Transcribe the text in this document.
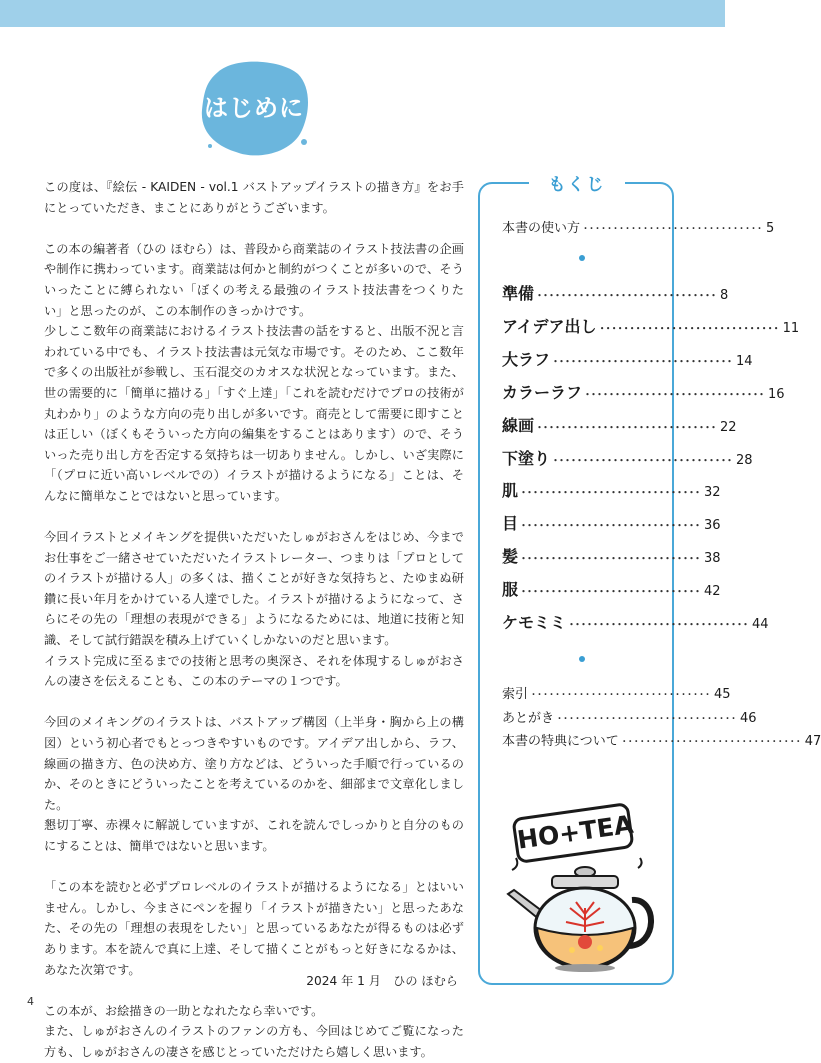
はじめに

この度は、『絵伝 - KAIDEN - vol.1 バストアップイラストの描き方』をお手にとっていただき、まことにありがとうございます。

この本の編著者（ひの ほむら）は、普段から商業誌のイラスト技法書の企画や制作に携わっています。商業誌は何かと制約がつくことが多いので、そういったことに縛られない「ぼくの考える最強のイラスト技法書をつくりたい」と思ったのが、この本制作のきっかけです。

少しここ数年の商業誌におけるイラスト技法書の話をすると、出版不況と言われている中でも、イラスト技法書は元気な市場です。そのため、ここ数年で多くの出版社が参戦し、玉石混交のカオスな状況となっています。また、世の需要的に「簡単に描ける」「すぐ上達」「これを読むだけでプロの技術が丸わかり」のような方向の売り出しが多いです。商売として需要に即すことは正しい（ぼくもそういった方向の編集をすることはあります）ので、そういった売り出し方を否定する気持ちは一切ありません。しかし、いざ実際に「（プロに近い高いレベルでの）イラストが描けるようになる」ことは、そんなに簡単なことではないと思っています。

今回イラストとメイキングを提供いただいたしゅがおさんをはじめ、今までお仕事をご一緒させていただいたイラストレーター、つまりは「プロとしてのイラストが描ける人」の多くは、描くことが好きな気持ちと、たゆまぬ研鑽に長い年月をかけている人達でした。イラストが描けるようになって、さらにその先の「理想の表現ができる」ようになるためには、地道に技術と知識、そして試行錯誤を積み上げていくしかないのだと思います。

イラスト完成に至るまでの技術と思考の奥深さ、それを体現するしゅがおさんの凄さを伝えることも、この本のテーマの１つです。

今回のメイキングのイラストは、バストアップ構図（上半身・胸から上の構図）という初心者でもとっつきやすいものです。アイデア出しから、ラフ、線画の描き方、色の決め方、塗り方などは、どういった手順で行っているのか、そのときにどういったことを考えているのかを、細部まで文章化しました。

懇切丁寧、赤裸々に解説していますが、これを読んでしっかりと自分のものにすることは、簡単ではないと思います。

「この本を読むと必ずプロレベルのイラストが描けるようになる」とはいいません。しかし、今まさにペンを握り「イラストが描きたい」と思ったあなた、その先の「理想の表現をしたい」と思っているあなたが得るものは必ずあります。本を読んで真に上達、そして描くことがもっと好きになるかは、あなた次第です。

この本が、お絵描きの一助となれたなら幸いです。

また、しゅがおさんのイラストのファンの方も、今回はじめてご覧になった方も、しゅがおさんの凄さを感じとっていただけたら嬉しく思います。

2024 年 1 月　ひの ほむら
4
もくじ
本書の使い方 ･･････････････････････････････ 5
準備 ･･････････････････････････････ 8
アイデア出し ･･････････････････････････････ 11
大ラフ ･･････････････････････････････ 14
カラーラフ ･･････････････････････････････ 16
線画 ･･････････････････････････････ 22
下塗り ･･････････････････････････････ 28
肌 ･･････････････････････････････ 32
目 ･･････････････････････････････ 36
髪 ･･････････････････････････････ 38
服 ･･････････････････････････････ 42
ケモミミ ･･････････････････････････････ 44
索引 ･･････････････････････････････ 45
あとがき ･･････････････････････････････ 46
本書の特典について ･･････････････････････････････ 47
HO+TEA
